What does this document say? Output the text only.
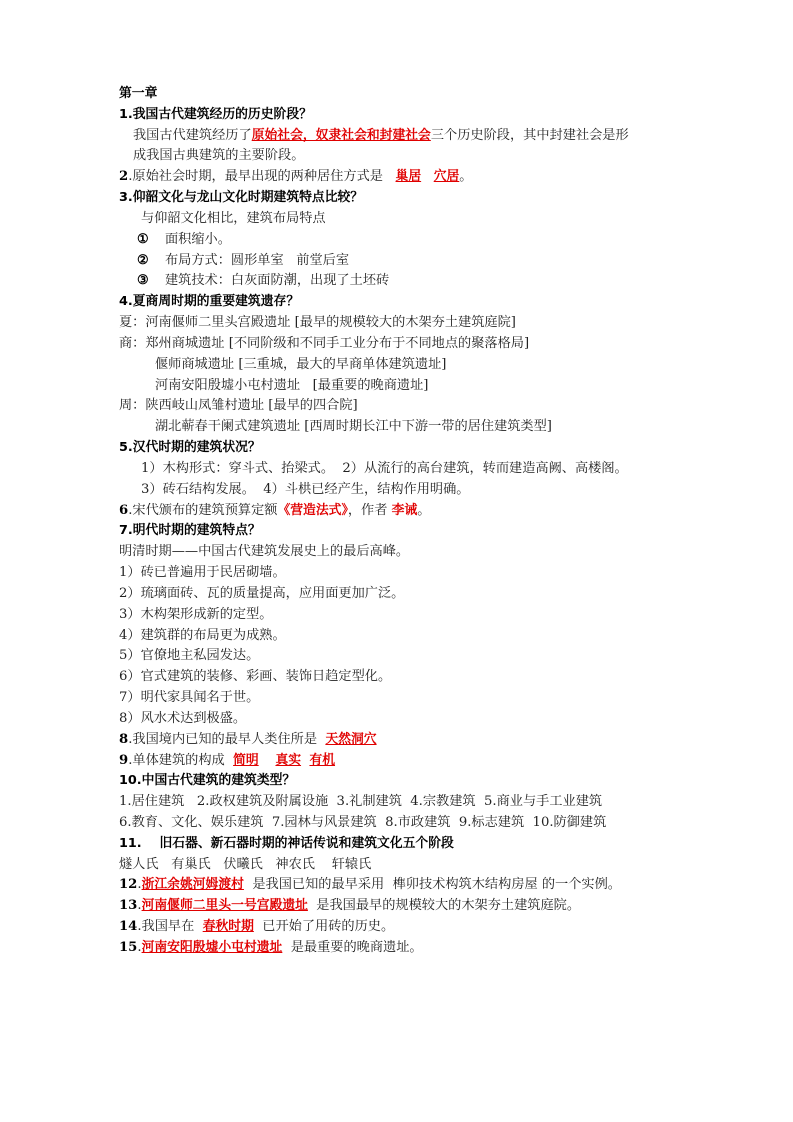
第一章
1.我国古代建筑经历的历史阶段？
我国古代建筑经历了原始社会，奴隶社会和封建社会三个历史阶段，其中封建社会是形
成我国古典建筑的主要阶段。
2.原始社会时期，最早出现的两种居住方式是   巢居 穴居。
3.仰韶文化与龙山文化时期建筑特点比较？
与仰韶文化相比，建筑布局特点
① 面积缩小。
② 布局方式：圆形单室   前堂后室
③ 建筑技术：白灰面防潮，出现了土坯砖
4.夏商周时期的重要建筑遗存？
夏：河南偃师二里头宫殿遗址 [最早的规模较大的木架夯土建筑庭院]
商：郑州商城遗址 [不同阶级和不同手工业分布于不同地点的聚落格局]
偃师商城遗址 [三重城，最大的早商单体建筑遗址]
河南安阳殷墟小屯村遗址   [最重要的晚商遗址]
周：陕西岐山凤雏村遗址 [最早的四合院]
湖北蕲春干阑式建筑遗址 [西周时期长江中下游一带的居住建筑类型]
5.汉代时期的建筑状况？
1）木构形式：穿斗式、抬梁式。  2）从流行的高台建筑，转而建造高阙、高楼阁。
3）砖石结构发展。  4）斗栱已经产生，结构作用明确。
6.宋代颁布的建筑预算定额《营造法式》，作者 李诫。
7.明代时期的建筑特点？
明清时期——中国古代建筑发展史上的最后高峰。
1）砖已普遍用于民居砌墙。
2）琉璃面砖、瓦的质量提高，应用面更加广泛。
3）木构架形成新的定型。
4）建筑群的布局更为成熟。
5）官僚地主私园发达。
6）官式建筑的装修、彩画、装饰日趋定型化。
7）明代家具闻名于世。
8）风水术达到极盛。
8.我国境内已知的最早人类住所是  天然洞穴
9.单体建筑的构成  简明 真实 有机
10.中国古代建筑的建筑类型？
1.居住建筑   2.政权建筑及附属设施  3.礼制建筑  4.宗教建筑  5.商业与手工业建筑
6.教育、文化、娱乐建筑  7.园林与风景建筑  8.市政建筑  9.标志建筑  10.防御建筑
11.    旧石器、新石器时期的神话传说和建筑文化五个阶段
燧人氏   有巢氏   伏曦氏   神农氏    轩辕氏
12.浙江余姚河姆渡村  是我国已知的最早采用  榫卯技术构筑木结构房屋 的一个实例。
13.河南偃师二里头一号宫殿遗址  是我国最早的规模较大的木架夯土建筑庭院。
14.我国早在  春秋时期  已开始了用砖的历史。
15.河南安阳殷墟小屯村遗址  是最重要的晚商遗址。
